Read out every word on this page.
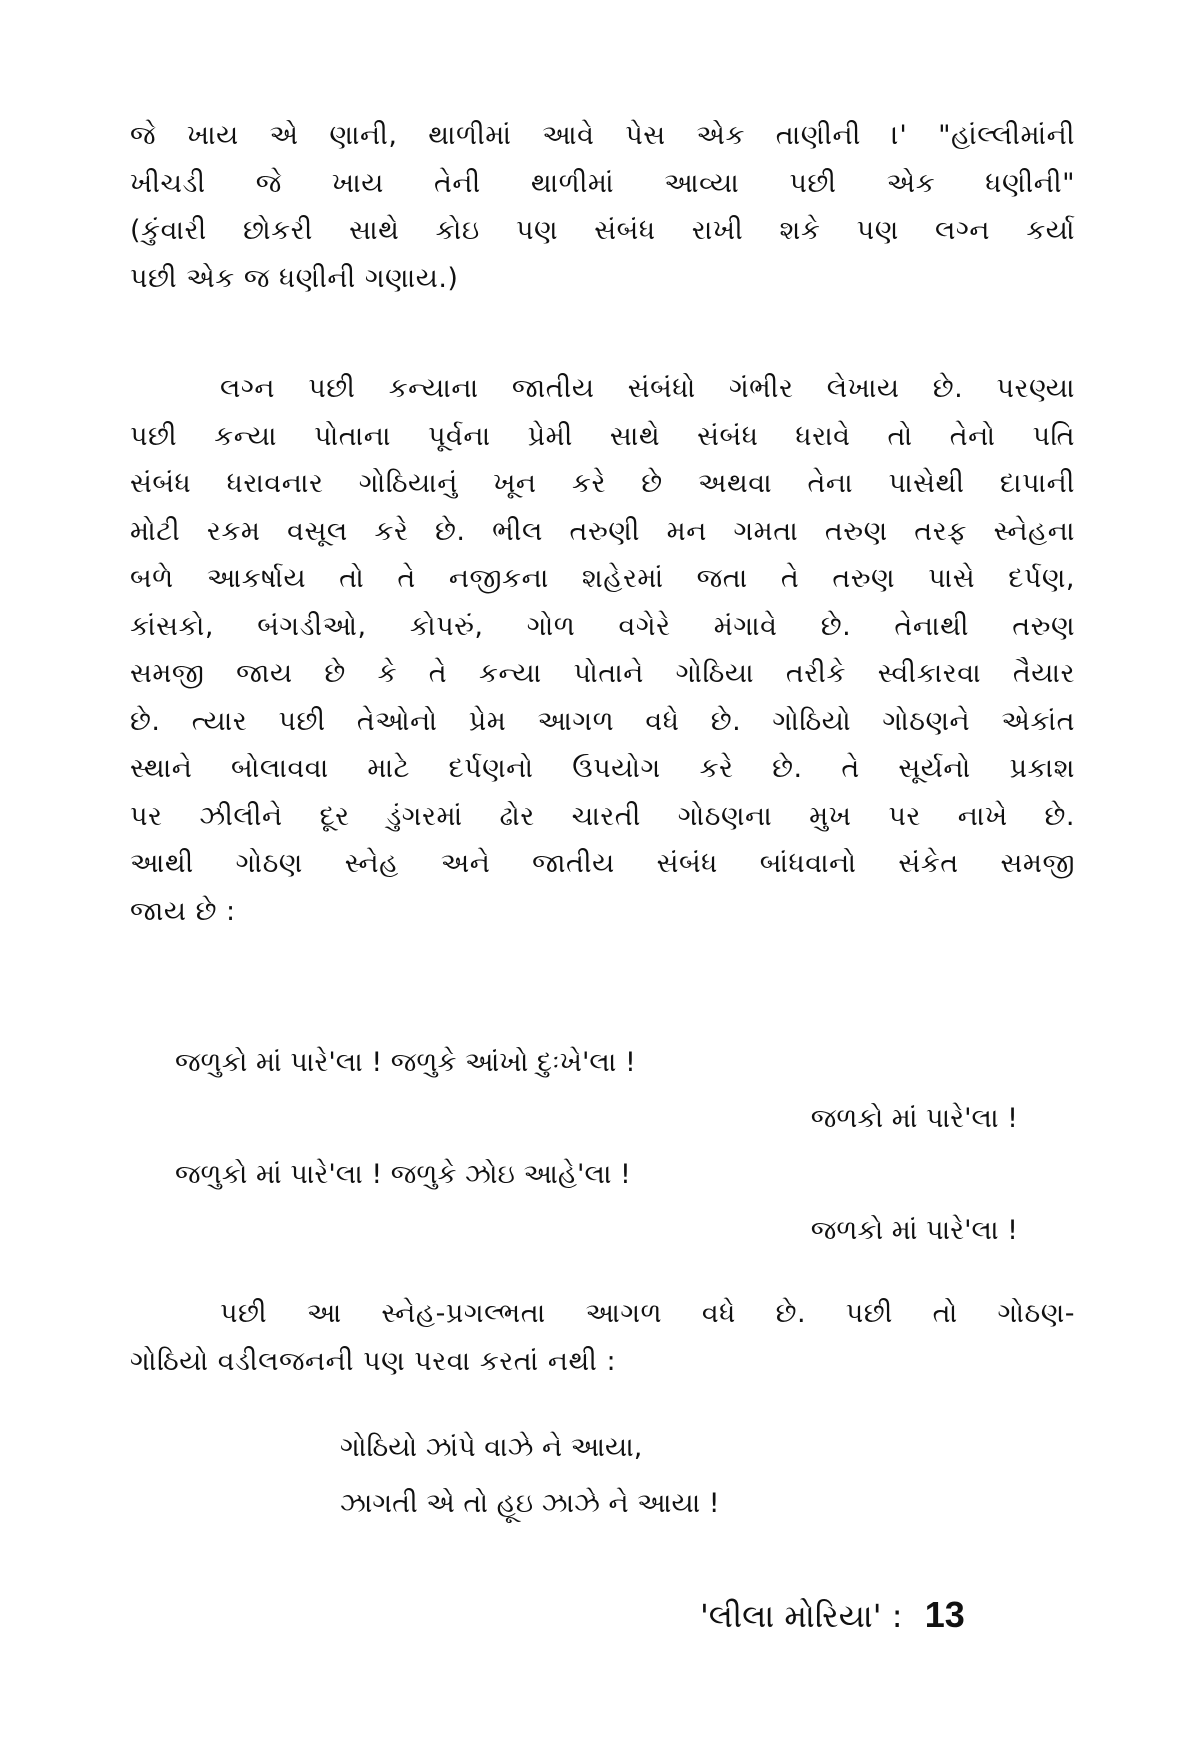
જે ખાય એ ણાની, થાળીમાં આવે પેસ એક તાણીની ।' "હાંલ્લીમાંની
ખીચડી જે ખાય તેની થાળીમાં આવ્યા પછી એક ધણીની"
(કુંવારી છોકરી સાથે કોઇ પણ સંબંધ રાખી શકે પણ લગ્ન કર્યા
પછી એક જ ધણીની ગણાય.)
લગ્ન પછી કન્યાના જાતીય સંબંધો ગંભીર લેખાય છે. પરણ્યા
પછી કન્યા પોતાના પૂર્વના પ્રેમી સાથે સંબંધ ધરાવે તો તેનો પતિ
સંબંધ ધરાવનાર ગોઠિયાનું ખૂન કરે છે અથવા તેના પાસેથી દાપાની
મોટી રકમ વસૂલ કરે છે. ભીલ તરુણી મન ગમતા તરુણ તરફ સ્નેહના
બળે આકર્ષાય તો તે નજીકના શહેરમાં જતા તે તરુણ પાસે દર્પણ,
કાંસકો, બંગડીઓ, કોપરું, ગોળ વગેરે મંગાવે છે. તેનાથી તરુણ
સમજી જાય છે કે તે કન્યા પોતાને ગોઠિયા તરીકે સ્વીકારવા તૈયાર
છે. ત્યાર પછી તેઓનો પ્રેમ આગળ વધે છે. ગોઠિયો ગોઠણને એકાંત
સ્થાને બોલાવવા માટે દર્પણનો ઉપયોગ કરે છે. તે સૂર્યનો પ્રકાશ
પર ઝીલીને દૂર ડુંગરમાં ઢોર ચારતી ગોઠણના મુખ પર નાખે છે.
આથી ગોઠણ સ્નેહ અને જાતીય સંબંધ બાંધવાનો સંકેત સમજી
જાય છે :
જળુકો માં પારે'લા ! જળુકે આંખો દુઃખે'લા !
જળકો માં પારે'લા !
જળુકો માં પારે'લા ! જળુકે ઝોઇ આહે'લા !
જળકો માં પારે'લા !
પછી આ સ્નેહ-પ્રગલ્ભતા આગળ વધે છે. પછી તો ગોઠણ-
ગોઠિયો વડીલજનની પણ પરવા કરતાં નથી :
ગોઠિયો ઝાંપે વાઝે ને આયા,
ઝાગતી એ તો હૂઇ ઝાઝે ને આયા !
'લીલા મોરિયા' : 13
